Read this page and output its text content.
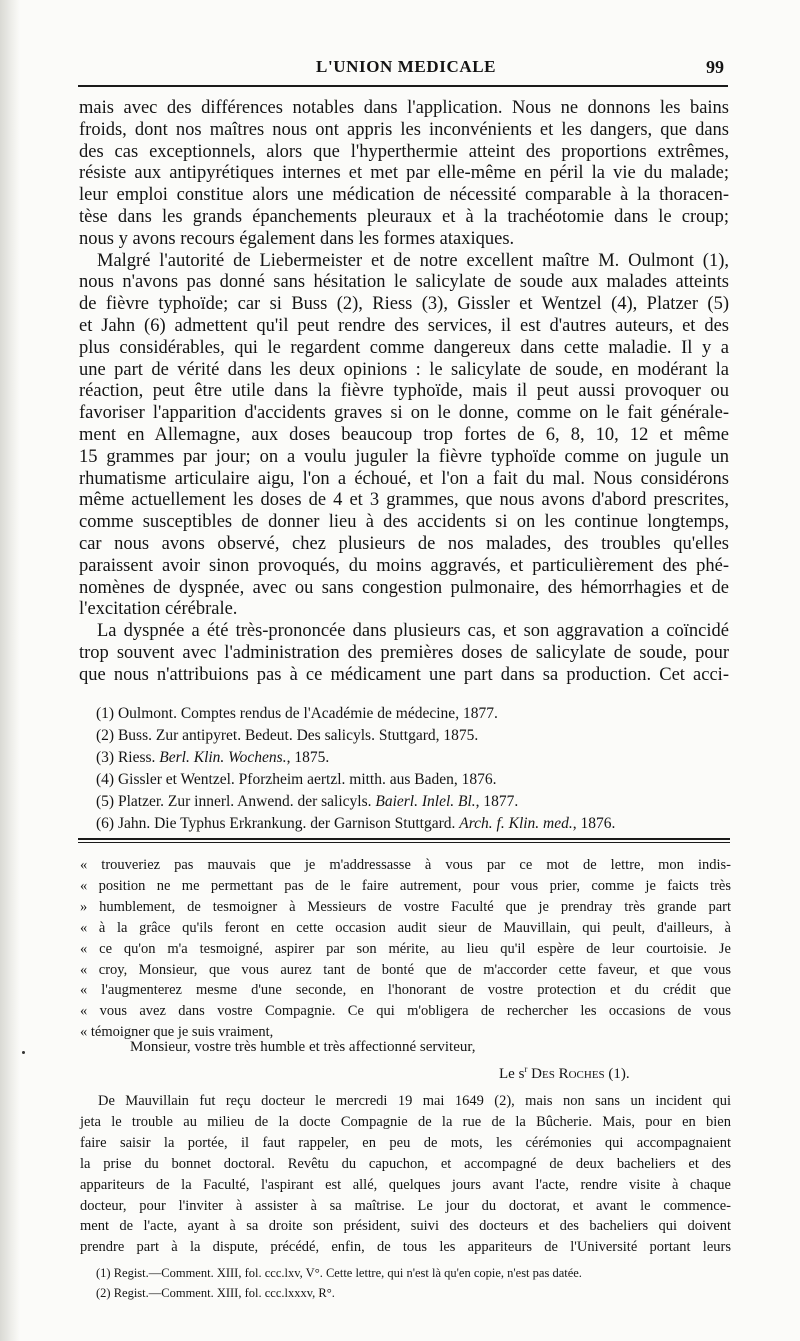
L'UNION MEDICALE	99

mais avec des différences notables dans l'application. Nous ne donnons les bains

froids, dont nos maîtres nous ont appris les inconvénients et les dangers, que dans

des cas exceptionnels, alors que l'hyperthermie atteint des proportions extrêmes,

résiste aux antipyrétiques internes et met par elle-même en péril la vie du malade;

leur emploi constitue alors une médication de nécessité comparable à la thoracen-

tèse dans les grands épanchements pleuraux et à la trachéotomie dans le croup;

nous y avons recours également dans les formes ataxiques.

Malgré l'autorité de Liebermeister et de notre excellent maître M. Oulmont (1),

nous n'avons pas donné sans hésitation le salicylate de soude aux malades atteints

de fièvre typhoïde; car si Buss (2), Riess (3), Gissler et Wentzel (4), Platzer (5)

et Jahn (6) admettent qu'il peut rendre des services, il est d'autres auteurs, et des

plus considérables, qui le regardent comme dangereux dans cette maladie. Il y a

une part de vérité dans les deux opinions : le salicylate de soude, en modérant la

réaction, peut être utile dans la fièvre typhoïde, mais il peut aussi provoquer ou

favoriser l'apparition d'accidents graves si on le donne, comme on le fait générale-

ment en Allemagne, aux doses beaucoup trop fortes de 6, 8, 10, 12 et même

15 grammes par jour; on a voulu juguler la fièvre typhoïde comme on jugule un

rhumatisme articulaire aigu, l'on a échoué, et l'on a fait du mal. Nous considérons

même actuellement les doses de 4 et 3 grammes, que nous avons d'abord prescrites,

comme susceptibles de donner lieu à des accidents si on les continue longtemps,

car nous avons observé, chez plusieurs de nos malades, des troubles qu'elles

paraissent avoir sinon provoqués, du moins aggravés, et particulièrement des phé-

nomènes de dyspnée, avec ou sans congestion pulmonaire, des hémorrhagies et de

l'excitation cérébrale.

La dyspnée a été très-prononcée dans plusieurs cas, et son aggravation a coïncidé

trop souvent avec l'administration des premières doses de salicylate de soude, pour

que nous n'attribuions pas à ce médicament une part dans sa production. Cet acci-

(1) Oulmont. Comptes rendus de l'Académie de médecine, 1877.
(2) Buss. Zur antipyret. Bedeut. Des salicyls. Stuttgard, 1875.
(3) Riess. Berl. Klin. Wochens., 1875.
(4) Gissler et Wentzel. Pforzheim aertzl. mitth. aus Baden, 1876.
(5) Platzer. Zur innerl. Anwend. der salicyls. Baierl. Inlel. Bl., 1877.
(6) Jahn. Die Typhus Erkrankung. der Garnison Stuttgard. Arch. f. Klin. med., 1876.

« trouveriez pas mauvais que je m'addressasse à vous par ce mot de lettre, mon indis-

« position ne me permettant pas de le faire autrement, pour vous prier, comme je faicts très

» humblement, de tesmoigner à Messieurs de vostre Faculté que je prendray très grande part

« à la grâce qu'ils feront en cette occasion audit sieur de Mauvillain, qui peult, d'ailleurs, à

« ce qu'on m'a tesmoigné, aspirer par son mérite, au lieu qu'il espère de leur courtoisie. Je

« croy, Monsieur, que vous aurez tant de bonté que de m'accorder cette faveur, et que vous

« l'augmenterez mesme d'une seconde, en l'honorant de vostre protection et du crédit que

« vous avez dans vostre Compagnie. Ce qui m'obligera de rechercher les occasions de vous

« témoigner que je suis vraiment,

Monsieur, vostre très humble et très affectionné serviteur,
Le $s^r$ Des Roches (1).

De Mauvillain fut reçu docteur le mercredi 19 mai 1649 (2), mais non sans un incident qui

jeta le trouble au milieu de la docte Compagnie de la rue de la Bûcherie. Mais, pour en bien

faire saisir la portée, il faut rappeler, en peu de mots, les cérémonies qui accompagnaient

la prise du bonnet doctoral. Revêtu du capuchon, et accompagné de deux bacheliers et des

appariteurs de la Faculté, l'aspirant est allé, quelques jours avant l'acte, rendre visite à chaque

docteur, pour l'inviter à assister à sa maîtrise. Le jour du doctorat, et avant le commence-

ment de l'acte, ayant à sa droite son président, suivi des docteurs et des bacheliers qui doivent

prendre part à la dispute, précédé, enfin, de tous les appariteurs de l'Université portant leurs

(1) Regist.—Comment. XIII, fol. ccc.lxv, V°. Cette lettre, qui n'est là qu'en copie, n'est pas datée.
(2) Regist.—Comment. XIII, fol. ccc.lxxxv, R°.
